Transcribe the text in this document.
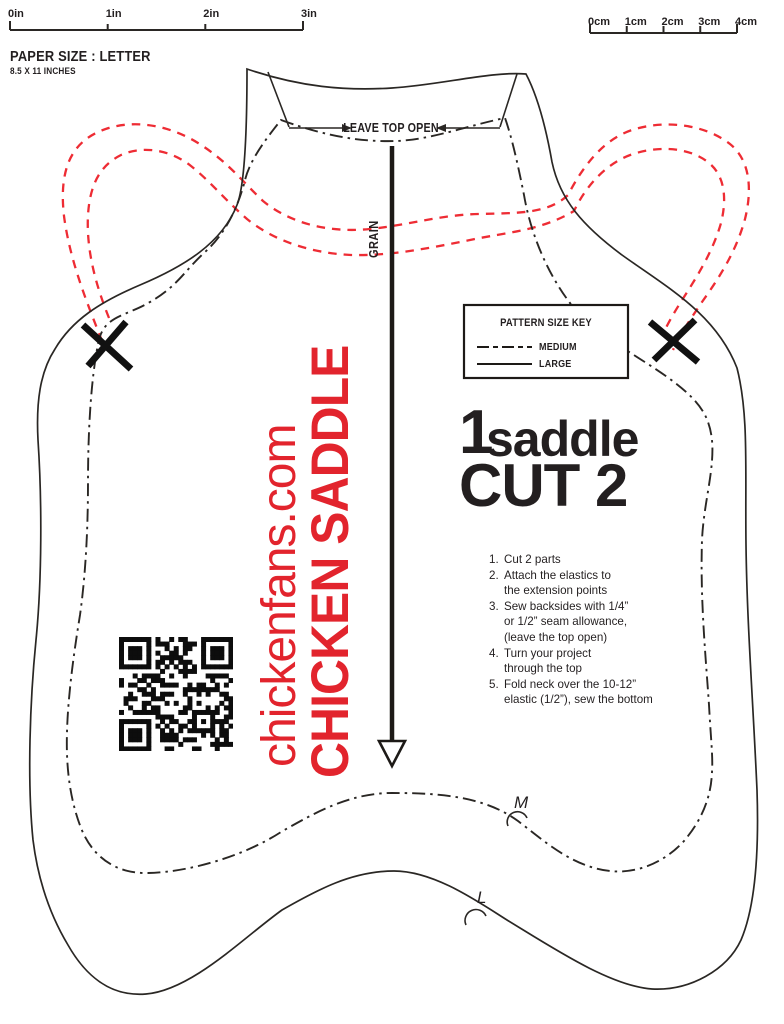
0in	1in	2in	3in
0cm 1cm 2cm 3cm 4cm
PAPER SIZE : LETTER
8.5 X 11 INCHES
LEAVE TOP OPEN
GRAIN
chickenfans.com
CHICKEN SADDLE 1
saddle
CUT 2
PATTERN SIZE KEY
MEDIUM
LARGE
1. Cut 2 parts
2. Attach the elastics to
the extension points
3. Sew backsides with 1/4”
or 1/2” seam allowance,
(leave the top open)
4. Turn your project
through the top
5. Fold neck over the 10-12”
elastic (1/2”), sew the bottom
M
L
